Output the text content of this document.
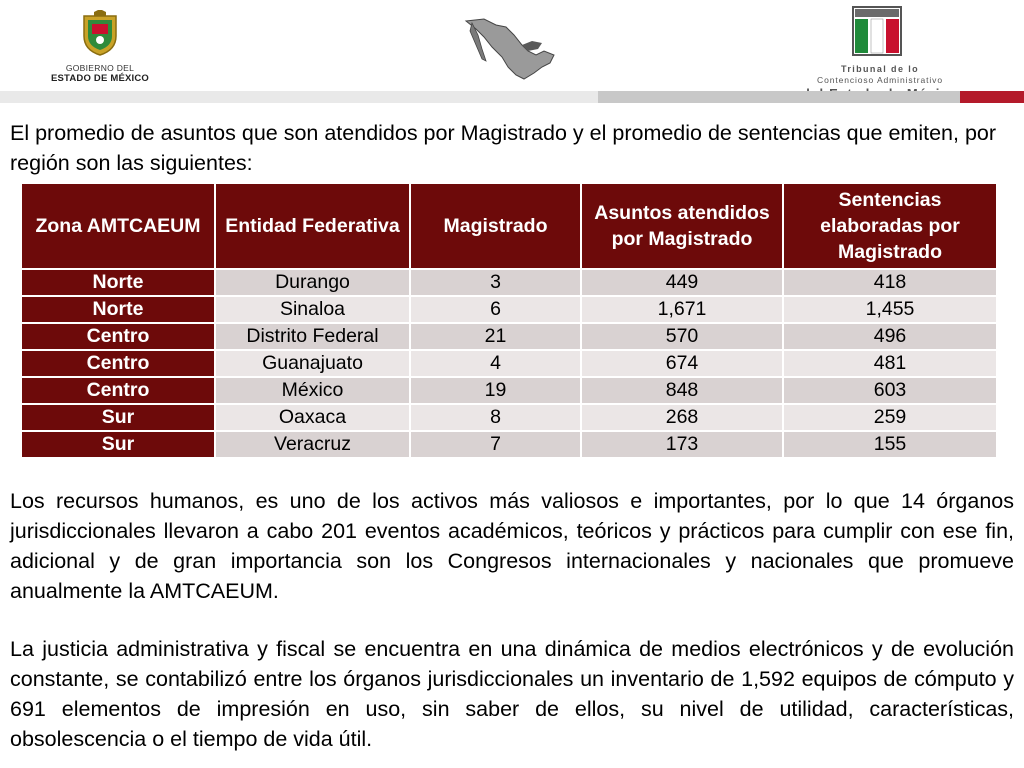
GOBIERNO DEL
ESTADO DE MÉXICO
Tribunal de lo
Contencioso Administrativo

El promedio de asuntos que son atendidos por Magistrado y el promedio de sentencias que emiten, por región son las siguientes:

Zona AMTCAEUM	Entidad Federativa	Magistrado	Asuntos atendidos por Magistrado	Sentencias elaboradas por Magistrado
Norte	Durango	3	449	418
Norte	Sinaloa	6	1,671	1,455
Centro	Distrito Federal	21	570	496
Centro	Guanajuato	4	674	481
Centro	México	19	848	603
Sur	Oaxaca	8	268	259
Sur	Veracruz	7	173	155

Los recursos humanos, es uno de los activos más valiosos e importantes, por lo que 14 órganos jurisdiccionales llevaron a cabo 201 eventos académicos, teóricos y prácticos para cumplir con ese fin, adicional y de gran importancia son los Congresos internacionales y nacionales que promueve anualmente la AMTCAEUM.

La justicia administrativa y fiscal se encuentra en una dinámica de medios electrónicos y de evolución constante, se contabilizó entre los órganos jurisdiccionales un inventario de 1,592 equipos de cómputo y 691 elementos de impresión en uso, sin saber de ellos, su nivel de utilidad, características, obsolescencia o el tiempo de vida útil.
